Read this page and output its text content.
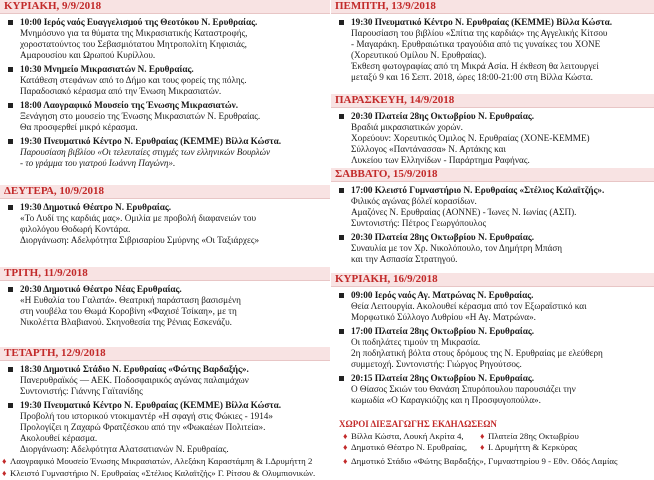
ΚΥΡΙΑΚΗ, 9/9/2018
10:00 Ιερός ναός Ευαγγελισμού της Θεοτόκου Ν. Ερυθραίας.
Μνημόσυνο για τα θύματα της Μικρασιατικής Καταστροφής,
χοροστατούντος του Σεβασμιότατου Μητροπολίτη Κηφισιάς,
Αμαρουσίου και Ωρωπού Κυρίλλου.
10:30 Μνημείο Μικρασιατών Ν. Ερυθραίας.
Κατάθεση στεφάνων από το Δήμο και τους φορείς της πόλης.
Παραδοσιακό κέρασμα από την Ένωση Μικρασιατών.
18:00 Λαογραφικό Μουσείο της Ένωσης Μικρασιατών.
Ξενάγηση στο μουσείο της Ένωσης Μικρασιατών Ν. Ερυθραίας.
Θα προσφερθεί μικρό κέρασμα.
19:30 Πνευματικό Κέντρο Ν. Ερυθραίας (ΚΕΜΜΕ) Βίλλα Κώστα.
Παρουσίαση βιβλίου «Οι τελευταίες στιγμές των ελληνικών Βουρλών
- το γράμμα του γιατρού Ιωάννη Παγώνη».
ΔΕΥΤΕΡΑ, 10/9/2018
19:30 Δημοτικό Θέατρο Ν. Ερυθραίας.
«Το Λυδί της καρδιάς μας». Ομιλία με προβολή διαφανειών του
φιλολόγου Θοδωρή Κοντάρα.
Διοργάνωση: Αδελφότητα Σιβρισαρίου Σμύρνης «Οι Ταξιάρχες»
ΤΡΙΤΗ, 11/9/2018
20:30 Δημοτικό Θέατρο Νέας Ερυθραίας.
«Η Ευθαλία του Γαλατά». Θεατρική παράσταση βασισμένη
στη νουβέλα του Θωμά Κοροβίνη «Φαχισέ Τσίκαη», με τη
Νικολέττα Βλαβιανού. Σκηνοθεσία της Ρένιας Εσκενάζυ.
ΤΕΤΑΡΤΗ, 12/9/2018
18:30 Δημοτικό Στάδιο Ν. Ερυθραίας «Φώτης Βαρδαξής».
Πανερυθραϊκός — ΑΕΚ. Ποδοσφαιρικός αγώνας παλαιμάχων
Συντονιστής: Γιάννης Γαϊτανίδης
19:30 Πνευματικό Κέντρο Ν. Ερυθραίας (ΚΕΜΜΕ) Βίλλα Κώστα.
Προβολή του ιστορικού ντοκιμαντέρ «Η σφαγή στις Φώκιες - 1914»
Προλογίζει η Ζαχαρώ Φρατζέσκου από την «Φωκαέων Πολιτεία».
Ακολουθεί κέρασμα.
Διοργάνωση: Αδελφότητα Αλατσατιανών Ν. Ερυθραίας.
ΠΕΜΠΤΗ, 13/9/2018
19:30 Πνευματικό Κέντρο Ν. Ερυθραίας (ΚΕΜΜΕ) Βίλλα Κώστα.
Παρουσίαση του βιβλίου «Σπίτια της καρδιάς» της Αγγελικής Κίτσου
- Μαγαράκη. Ερυθραιώτικα τραγούδια από τις γυναίκες του ΧΟΝΕ
(Χορευτικού Ομίλου Ν. Ερυθραίας).
Έκθεση φωτογραφίας από τη Μικρά Ασία. Η έκθεση θα λειτουργεί
μεταξύ 9 και 16 Σεπτ. 2018, ώρες 18:00-21:00 στη Βίλλα Κώστα.
ΠΑΡΑΣΚΕΥΗ, 14/9/2018
20:30 Πλατεία 28ης Οκτωβρίου Ν. Ερυθραίας.
Βραδιά μικρασιατικών χορών.
Χορεύουν: Χορευτικός Όμιλος Ν. Ερυθραίας (ΧΟΝΕ-ΚΕΜΜΕ)
Σύλλογος «Παντάνασσα» Ν. Αρτάκης και
Λυκείου των Ελληνίδων - Παράρτημα Ραφήνας.
ΣΑΒΒΑΤΟ, 15/9/2018
17:00 Κλειστό Γυμναστήριο Ν. Ερυθραίας «Στέλιος Καλαϊτζής».
Φιλικός αγώνας βόλεϊ κορασίδων.
Αμαζόνες Ν. Ερυθραίας (ΑΟΝΝΕ) - Ίωνες Ν. Ιωνίας (ΑΣΠ).
Συντονιστής: Πέτρος Γεωργόπουλος
20:30 Πλατεία 28ης Οκτωβρίου Ν. Ερυθραίας.
Συναυλία με τον Χρ. Νικολόπουλο, τον Δημήτρη Μπάση
και την Ασπασία Στρατηγού.
ΚΥΡΙΑΚΗ, 16/9/2018
09:00 Ιερός ναός Αγ. Ματρώνας Ν. Ερυθραίας.
Θεία Λειτουργία. Ακολουθεί κέρασμα από τον Εξωραϊστικό και
Μορφωτικό Σύλλογο Λυθρίου «Η Αγ. Ματρώνα».
17:00 Πλατεία 28ης Οκτωβρίου Ν. Ερυθραίας.
Οι ποδηλάτες τιμούν τη Μικρασία.
2η ποδηλατική βόλτα στους δρόμους της Ν. Ερυθραίας με ελεύθερη
συμμετοχή. Συντονιστής: Γιώργος Ρηγούτσος.
20:15 Πλατεία 28ης Οκτωβρίου Ν. Ερυθραίας.
Ο Θίασος Σκιών του Θανάση Σπυρόπουλου παρουσιάζει την
κωμωδία «Ο Καραγκιόζης και η Προσφυγοπούλα».
ΧΩΡΟΙ ΔΙΕΞΑΓΩΓΗΣ ΕΚΔΗΛΩΣΕΩΝ
♦ Βίλλα Κώστα, Λουκή Ακρίτα 4, ♦ Πλατεία 28ης Οκτωβρίου
♦ Δημοτικό Θέατρο Ν. Ερυθραίας, ♦ Ι. Δρυμήττη & Κερκύρας
♦ Λαογραφικό Μουσείο Ένωσης Μικρασιατών, Αλεξάκη Καραστάμπη & Ι.Δρυμήττη 2	♦ Δημοτικό Στάδιο «Φώτης Βαρδαξής», Γυμναστηρίου 9 - Εθν. Οδός Λαμίας
♦ Κλειστό Γυμναστήριο Ν. Ερυθραίας «Στέλιος Καλαϊτζής» Γ. Ρίτσου & Ολυμπιονικών.
